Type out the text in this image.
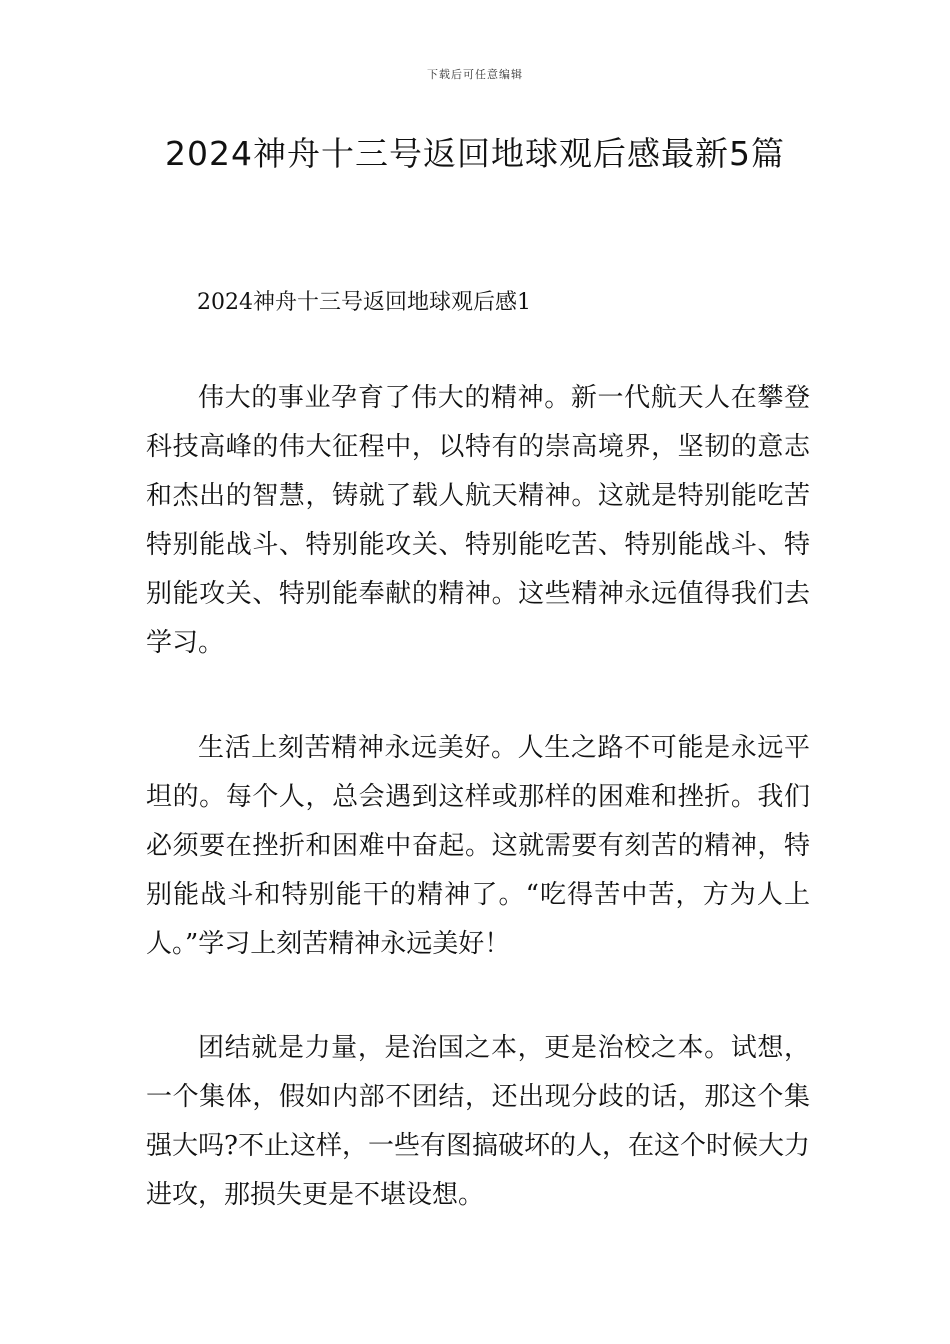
下载后可任意编辑
2024神舟十三号返回地球观后感最新5篇
2024神舟十三号返回地球观后感1

伟大的事业孕育了伟大的精神。新一代航天人在攀登科技高峰的伟大征程中，以特有的崇高境界，坚韧的意志和杰出的智慧，铸就了载人航天精神。这就是特别能吃苦特别能战斗、特别能攻关、特别能吃苦、特别能战斗、特别能攻关、特别能奉献的精神。这些精神永远值得我们去学习。

生活上刻苦精神永远美好。人生之路不可能是永远平坦的。每个人，总会遇到这样或那样的困难和挫折。我们必须要在挫折和困难中奋起。这就需要有刻苦的精神，特别能战斗和特别能干的精神了。“吃得苦中苦，方为人上人。”学习上刻苦精神永远美好！

团结就是力量，是治国之本，更是治校之本。试想，一个集体，假如内部不团结，还出现分歧的话，那这个集强大吗?不止这样，一些有图搞破坏的人，在这个时候大力进攻，那损失更是不堪设想。
